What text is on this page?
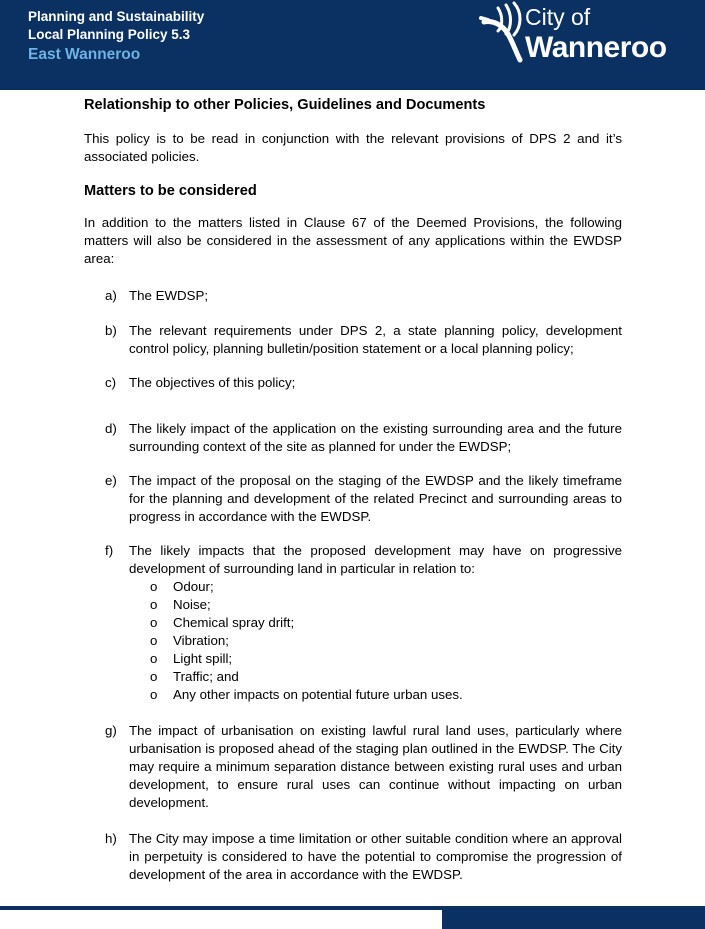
Planning and Sustainability
Local Planning Policy 5.3
East Wanneroo
City of
Wanneroo
Relationship to other Policies, Guidelines and Documents

This policy is to be read in conjunction with the relevant provisions of DPS 2 and it’s associated policies.

Matters to be considered

In addition to the matters listed in Clause 67 of the Deemed Provisions, the following matters will also be considered in the assessment of any applications within the EWDSP area:

a) The EWDSP;
b) The relevant requirements under DPS 2, a state planning policy, development control policy, planning bulletin/position statement or a local planning policy;
c) The objectives of this policy;
d) The likely impact of the application on the existing surrounding area and the future surrounding context of the site as planned for under the EWDSP;
e) The impact of the proposal on the staging of the EWDSP and the likely timeframe for the planning and development of the related Precinct and surrounding areas to progress in accordance with the EWDSP.
f) The likely impacts that the proposed development may have on progressive development of surrounding land in particular in relation to:
o Odour;
o Noise;
o Chemical spray drift;
o Vibration;
o Light spill;
o Traffic; and
o Any other impacts on potential future urban uses.
g) The impact of urbanisation on existing lawful rural land uses, particularly where urbanisation is proposed ahead of the staging plan outlined in the EWDSP. The City may require a minimum separation distance between existing rural uses and urban development, to ensure rural uses can continue without impacting on urban development.
h) The City may impose a time limitation or other suitable condition where an approval in perpetuity is considered to have the potential to compromise the progression of development of the area in accordance with the EWDSP.
